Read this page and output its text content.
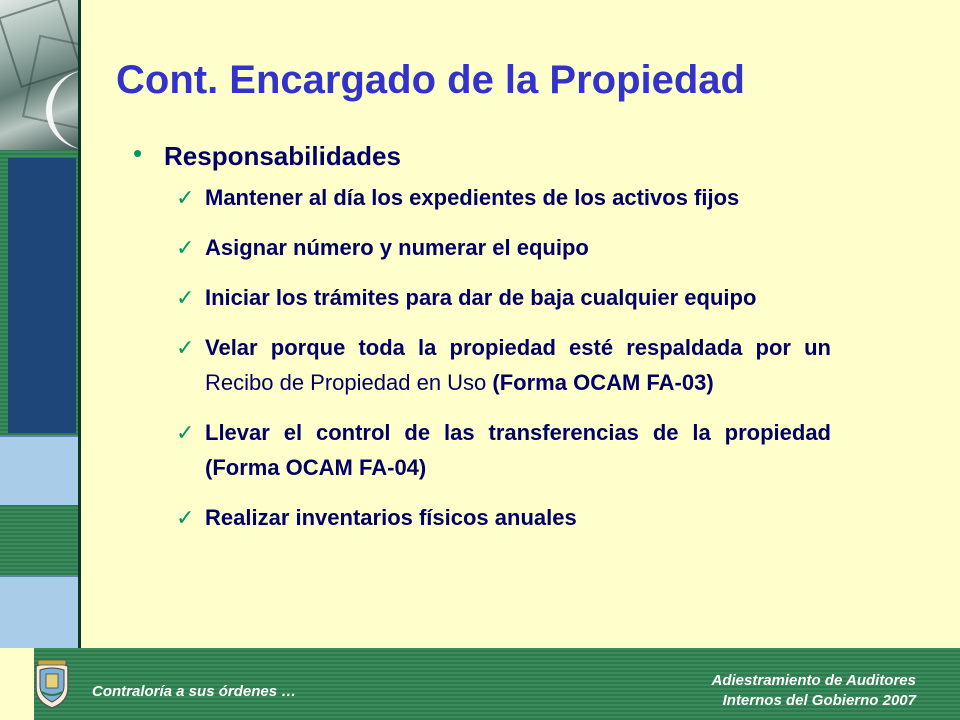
Cont. Encargado de la Propiedad
• Responsabilidades
✓ Mantener al día los expedientes de los activos fijos
✓ Asignar número y numerar el equipo
✓ Iniciar los trámites para dar de baja cualquier equipo
✓ Velar porque toda la propiedad esté respaldada por un Recibo de Propiedad en Uso (Forma OCAM FA-03)
✓ Llevar el control de las transferencias de la propiedad (Forma OCAM FA-04)
✓ Realizar inventarios físicos anuales
Contraloría a sus órdenes …
Adiestramiento de Auditores
Internos del Gobierno 2007
